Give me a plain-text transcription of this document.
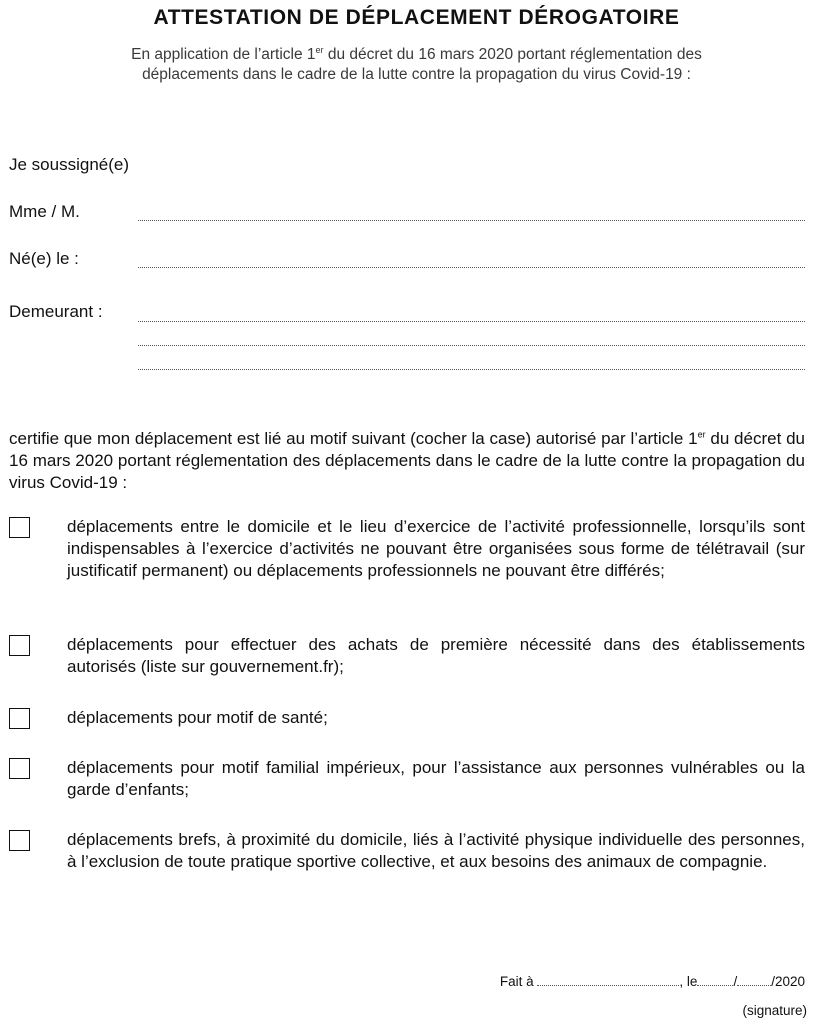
ATTESTATION DE DÉPLACEMENT DÉROGATOIRE

En application de l’article 1er du décret du 16 mars 2020 portant réglementation des
déplacements dans le cadre de la lutte contre la propagation du virus Covid-19 :

Je soussigné(e)

Mme / M.

Né(e) le :

Demeurant :

certifie que mon déplacement est lié au motif suivant (cocher la case) autorisé par l’article 1er du décret du 16 mars 2020 portant réglementation des déplacements dans le cadre de la lutte contre la propagation du virus Covid-19 :

déplacements entre le domicile et le lieu d’exercice de l’activité professionnelle, lorsqu’ils sont indispensables à l’exercice d’activités ne pouvant être organisées sous forme de télétravail (sur justificatif permanent) ou déplacements professionnels ne pouvant être différés;

déplacements pour effectuer des achats de première nécessité dans des établissements autorisés (liste sur gouvernement.fr);

déplacements pour motif de santé;

déplacements pour motif familial impérieux, pour l’assistance aux personnes vulnérables ou la garde d’enfants;

déplacements brefs, à proximité du domicile, liés à l’activité physique individuelle des personnes, à l’exclusion de toute pratique sportive collective, et aux besoins des animaux de compagnie.

Fait à	, le	/	/2020

(signature)
